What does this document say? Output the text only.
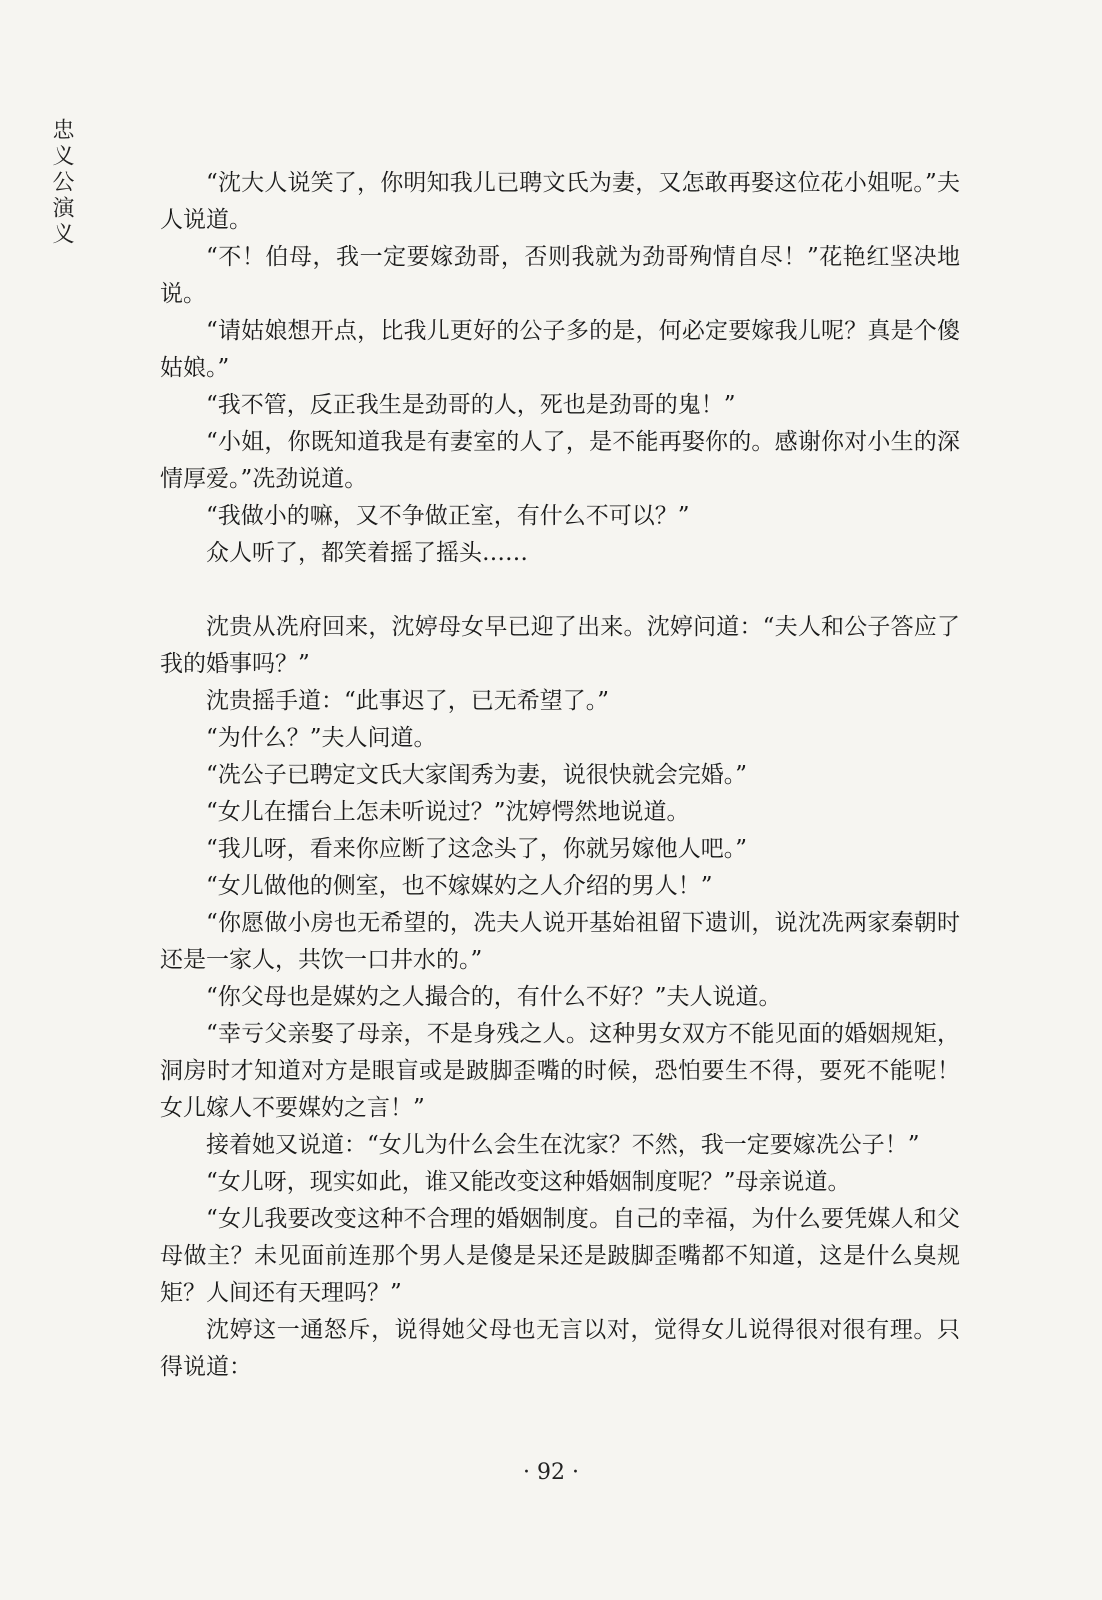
忠义公演义	“沈大人说笑了，你明知我儿已聘文氏为妻，又怎敢再娶这位花小姐呢。”夫人说道。

“不！伯母，我一定要嫁劲哥，否则我就为劲哥殉情自尽！”花艳红坚决地说。

“请姑娘想开点，比我儿更好的公子多的是，何必定要嫁我儿呢？真是个傻姑娘。”

“我不管，反正我生是劲哥的人，死也是劲哥的鬼！”

“小姐，你既知道我是有妻室的人了，是不能再娶你的。感谢你对小生的深情厚爱。”冼劲说道。

“我做小的嘛，又不争做正室，有什么不可以？”

众人听了，都笑着摇了摇头……

沈贵从冼府回来，沈婷母女早已迎了出来。沈婷问道：“夫人和公子答应了我的婚事吗？”

沈贵摇手道：“此事迟了，已无希望了。”

“为什么？”夫人问道。

“冼公子已聘定文氏大家闺秀为妻，说很快就会完婚。”

“女儿在擂台上怎未听说过？”沈婷愕然地说道。

“我儿呀，看来你应断了这念头了，你就另嫁他人吧。”

“女儿做他的侧室，也不嫁媒妁之人介绍的男人！”

“你愿做小房也无希望的，冼夫人说开基始祖留下遗训，说沈冼两家秦朝时还是一家人，共饮一口井水的。”

“你父母也是媒妁之人撮合的，有什么不好？”夫人说道。

“幸亏父亲娶了母亲，不是身残之人。这种男女双方不能见面的婚姻规矩，洞房时才知道对方是眼盲或是跛脚歪嘴的时候，恐怕要生不得，要死不能呢！女儿嫁人不要媒妁之言！”

接着她又说道：“女儿为什么会生在沈家？不然，我一定要嫁冼公子！”

“女儿呀，现实如此，谁又能改变这种婚姻制度呢？”母亲说道。

“女儿我要改变这种不合理的婚姻制度。自己的幸福，为什么要凭媒人和父母做主？未见面前连那个男人是傻是呆还是跛脚歪嘴都不知道，这是什么臭规矩？人间还有天理吗？”

沈婷这一通怒斥，说得她父母也无言以对，觉得女儿说得很对很有理。只得说道：

· 92 ·
